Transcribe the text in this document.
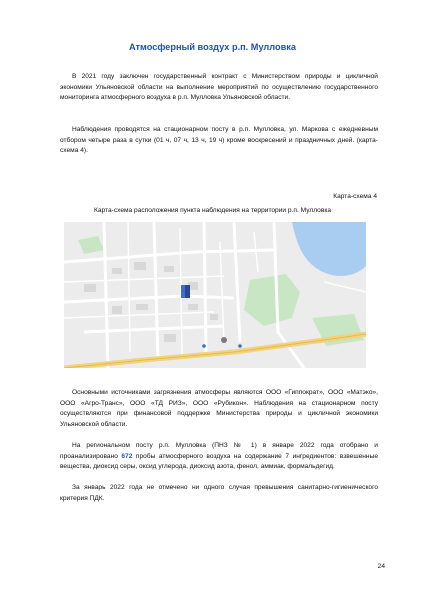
Атмосферный воздух р.п. Мулловка

В 2021 году заключен государственный контракт с Министерством природы и цикличной экономики Ульяновской области на выполнение мероприятий по осуществлению государственного мониторинга атмосферного воздуха в р.п. Мулловка Ульяновской области.

Наблюдения проводятся на стационарном посту в р.п. Мулловка, ул. Маркова с ежедневным отбором четыре раза в сутки (01 ч, 07 ч, 13 ч, 19 ч) кроме воскресений и праздничных дней. (карта-схема 4).

Карта-схема 4
Карта-схема расположения пункта наблюдения на территории р.п. Мулловка

Основными источниками загрязнения атмосферы являются ООО «Гиппократ», ООО «Матэко», ООО «Агро-Транс», ООО «ТД РИЗ», ООО «Рубикон». Наблюдения на стационарном посту осуществляются при финансовой поддержке Министерства природы и цикличной экономики Ульяновской области.

На региональном посту р.п. Мулловка (ПНЗ № 1) в январе 2022 года отобрано и проанализировано 672 пробы атмосферного воздуха на содержание 7 ингредиентов: взвешенные вещества, диоксид серы, оксид углерода, диоксид азота, фенол, аммиак, формальдегид.

За январь 2022 года не отмечено ни одного случая превышения санитарно-гигиенического критерия ПДК.

24
